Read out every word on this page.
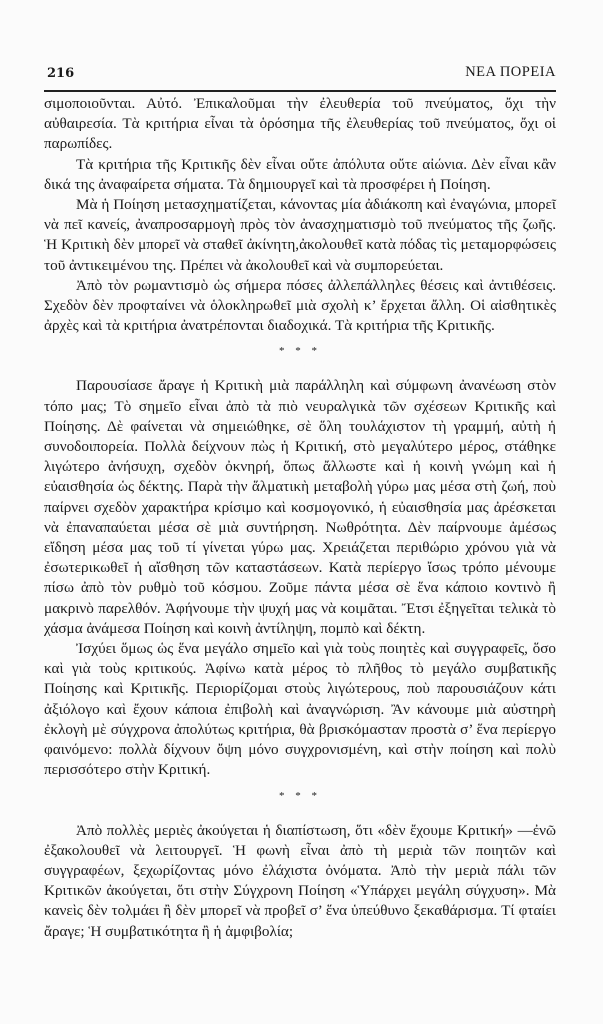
216	ΝΕΑ ΠΟΡΕΙΑ

σιμοποιοῦνται. Αὐτό. Ἐπικαλοῦμαι τὴν ἐλευθερία τοῦ πνεύματος, ὄχι τὴν αὐθαιρεσία. Τὰ κριτήρια εἶναι τὰ ὁρόσημα τῆς ἐλευθερίας τοῦ πνεύματος, ὄχι οἱ παρωπίδες.

Τὰ κριτήρια τῆς Κριτικῆς δὲν εἶναι οὔτε ἀπόλυτα οὔτε αἰώνια. Δὲν εἶναι κἂν δικά της ἀναφαίρετα σήματα. Τὰ δημιουργεῖ καὶ τὰ προσφέρει ἡ Ποίηση.

Μὰ ἡ Ποίηση μετασχηματίζεται, κάνοντας μία ἀδιάκοπη καὶ ἐναγώνια, μπορεῖ νὰ πεῖ κανείς, ἀναπροσαρμογὴ πρὸς τὸν ἀνασχηματισμὸ τοῦ πνεύματος τῆς ζωῆς. Ἡ Κριτικὴ δὲν μπορεῖ νὰ σταθεῖ ἀκίνητη,ἀκολουθεῖ κατὰ πόδας τὶς μεταμορφώσεις τοῦ ἀντικειμένου της. Πρέπει νὰ ἀκολουθεῖ καὶ νὰ συμπορεύεται.

Ἀπὸ τὸν ρωμαντισμὸ ὡς σήμερα πόσες ἀλλεπάλληλες θέσεις καὶ ἀντιθέσεις. Σχεδὸν δὲν προφταίνει νὰ ὁλοκληρωθεῖ μιὰ σχολὴ κ’ ἔρχεται ἄλλη. Οἱ αἰσθητικὲς ἀρχὲς καὶ τὰ κριτήρια ἀνατρέπονται διαδοχικά. Τὰ κριτήρια τῆς Κριτικῆς.

* * *

Παρουσίασε ἄραγε ἡ Κριτικὴ μιὰ παράλληλη καὶ σύμφωνη ἀνανέωση στὸν τόπο μας; Τὸ σημεῖο εἶναι ἀπὸ τὰ πιὸ νευραλγικὰ τῶν σχέσεων Κριτικῆς καὶ Ποίησης. Δὲ φαίνεται νὰ σημειώθηκε, σὲ ὅλη τουλάχιστον τὴ γραμμή, αὐτὴ ἡ συνοδοιπορεία. Πολλὰ δείχνουν πὼς ἡ Κριτική, στὸ μεγαλύτερο μέρος, στάθηκε λιγώτερο ἀνήσυχη, σχεδὸν ὀκνηρή, ὅπως ἄλλωστε καὶ ἡ κοινὴ γνώμη καὶ ἡ εὐαισθησία ὡς δέκτης. Παρὰ τὴν ἅλματικὴ μεταβολὴ γύρω μας μέσα στὴ ζωή, ποὺ παίρνει σχεδὸν χαρακτήρα κρίσιμο καὶ κοσμογονικό, ἡ εὐαισθησία μας ἀρέσκεται νὰ ἐπαναπαύεται μέσα σὲ μιὰ συντήρηση. Νωθρότητα. Δὲν παίρνουμε ἀμέσως εἴδηση μέσα μας τοῦ τί γίνεται γύρω μας. Χρειάζεται περιθώριο χρόνου γιὰ νὰ ἐσωτερικωθεῖ ἡ αἴσθηση τῶν καταστάσεων. Κατὰ περίεργο ἴσως τρόπο μένουμε πίσω ἀπὸ τὸν ρυθμὸ τοῦ κόσμου. Ζοῦμε πάντα μέσα σὲ ἕνα κάποιο κοντινὸ ἢ μακρινὸ παρελθόν. Ἀφήνουμε τὴν ψυχή μας νὰ κοιμᾶται. Ἔτσι ἐξηγεῖται τελικὰ τὸ χάσμα ἀνάμεσα Ποίηση καὶ κοινὴ ἀντίληψη, πομπὸ καὶ δέκτη.

Ἰσχύει ὅμως ὡς ἕνα μεγάλο σημεῖο καὶ γιὰ τοὺς ποιητὲς καὶ συγγραφεῖς, ὅσο καὶ γιὰ τοὺς κριτικούς. Ἀφίνω κατὰ μέρος τὸ πλῆθος τὸ μεγάλο συμβατικῆς Ποίησης καὶ Κριτικῆς. Περιορίζομαι στοὺς λιγώτερους, ποὺ παρουσιάζουν κάτι ἀξιόλογο καὶ ἔχουν κάποια ἐπιβολὴ καὶ ἀναγνώριση. Ἂν κάνουμε μιὰ αὐστηρὴ ἐκλογὴ μὲ σύγχρονα ἀπολύτως κριτήρια, θὰ βρισκόμασταν προστὰ σ’ ἕνα περίεργο φαινόμενο: πολλὰ δίχνουν ὄψη μόνο συγχρονισμένη, καὶ στὴν ποίηση καὶ πολὺ περισσότερο στὴν Κριτική.

* * *

Ἀπὸ πολλὲς μεριὲς ἀκούγεται ἡ διαπίστωση, ὅτι «δὲν ἔχουμε Κριτική» —ἐνῶ ἐξακολουθεῖ νὰ λειτουργεῖ. Ἡ φωνὴ εἶναι ἀπὸ τὴ μεριὰ τῶν ποιητῶν καὶ συγγραφέων, ξεχωρίζοντας μόνο ἐλάχιστα ὀνόματα. Ἀπὸ τὴν μεριὰ πάλι τῶν Κριτικῶν ἀκούγεται, ὅτι στὴν Σύγχρονη Ποίηση «Ὑπάρχει μεγάλη σύγχυση». Μὰ κανεὶς δὲν τολμάει ἢ δὲν μπορεῖ νὰ προβεῖ σ’ ἕνα ὑπεύθυνο ξεκαθάρισμα. Τί φταίει ἄραγε; Ἡ συμβατικότητα ἢ ἡ ἀμφιβολία;
